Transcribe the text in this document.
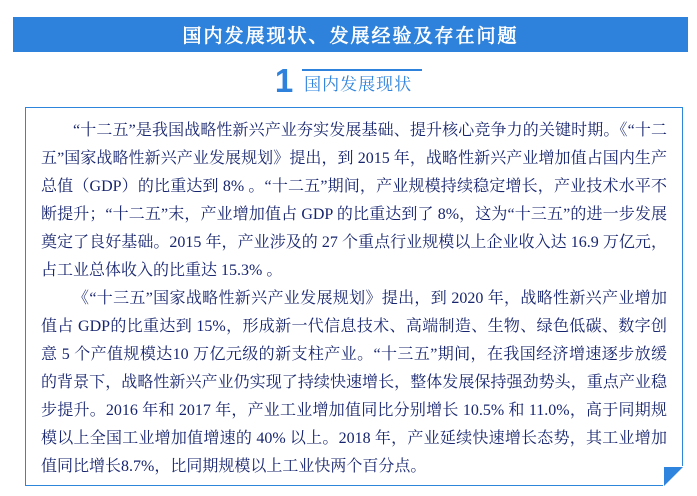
国内发展现状、发展经验及存在问题
1 国内发展现状

“十二五”是我国战略性新兴产业夯实发展基础、提升核心竞争力的关键时期。《“十二五”国家战略性新兴产业发展规划》提出，到 2015 年，战略性新兴产业增加值占国内生产总值（GDP）的比重达到 8% 。“十二五”期间，产业规模持续稳定增长，产业技术水平不断提升；“十二五”末，产业增加值占 GDP 的比重达到了 8%，这为“十三五”的进一步发展奠定了良好基础。2015 年，产业涉及的 27 个重点行业规模以上企业收入达 16.9 万亿元，占工业总体收入的比重达 15.3% 。

《“十三五”国家战略性新兴产业发展规划》提出，到 2020 年，战略性新兴产业增加值占 GDP的比重达到 15%，形成新一代信息技术、高端制造、生物、绿色低碳、数字创意 5 个产值规模达10 万亿元级的新支柱产业。“十三五”期间，在我国经济增速逐步放缓的背景下，战略性新兴产业仍实现了持续快速增长，整体发展保持强劲势头，重点产业稳步提升。2016 年和 2017 年，产业工业增加值同比分别增长 10.5% 和 11.0%，高于同期规模以上全国工业增加值增速的 40% 以上。2018 年，产业延续快速增长态势，其工业增加值同比增长8.7%，比同期规模以上工业快两个百分点。
